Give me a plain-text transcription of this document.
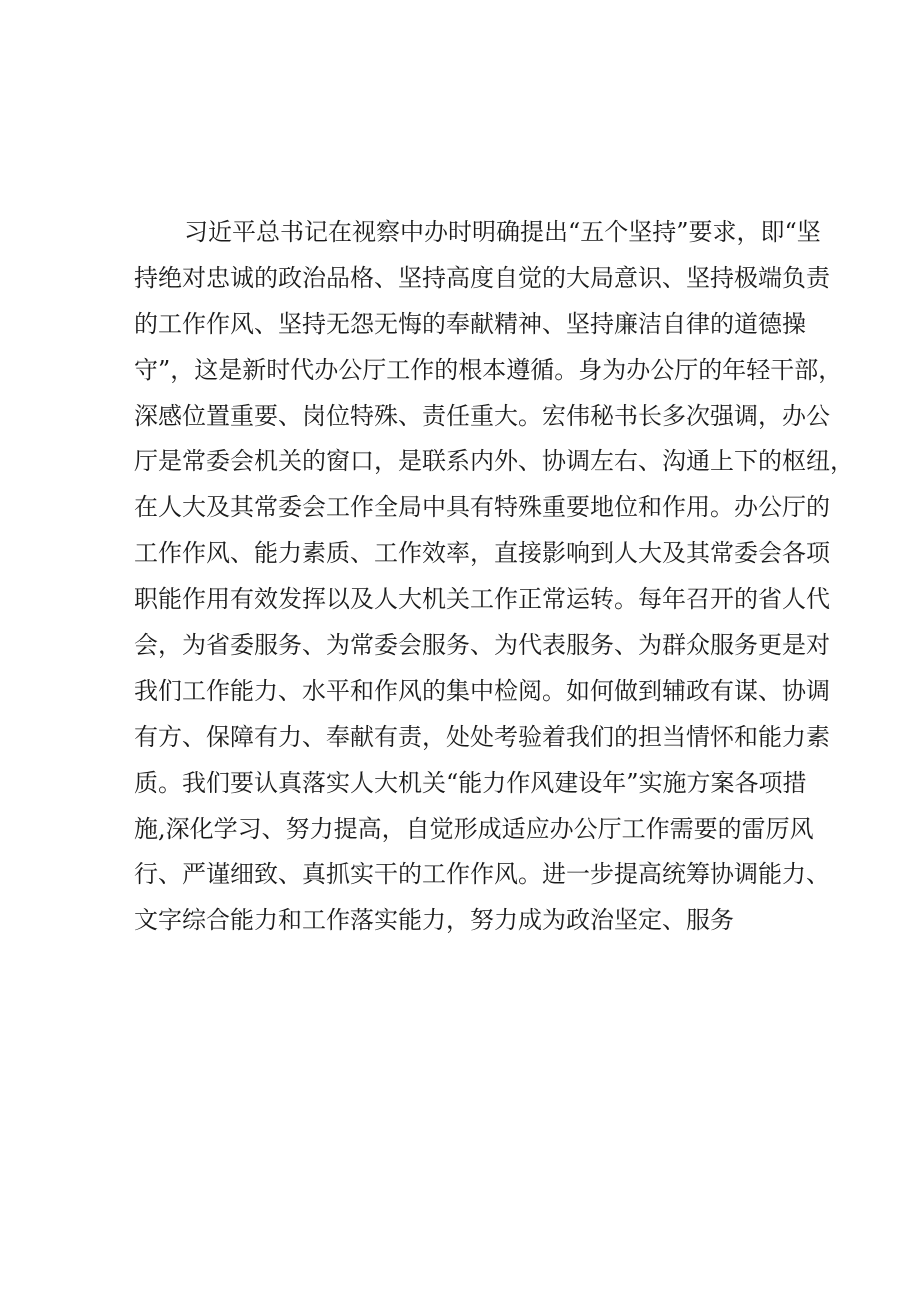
习近平总书记在视察中办时明确提出“五个坚持”要求，即“坚
持绝对忠诚的政治品格、坚持高度自觉的大局意识、坚持极端负责
的工作作风、坚持无怨无悔的奉献精神、坚持廉洁自律的道德操
守”，这是新时代办公厅工作的根本遵循。身为办公厅的年轻干部，
深感位置重要、岗位特殊、责任重大。宏伟秘书长多次强调，办公
厅是常委会机关的窗口，是联系内外、协调左右、沟通上下的枢纽，
在人大及其常委会工作全局中具有特殊重要地位和作用。办公厅的
工作作风、能力素质、工作效率，直接影响到人大及其常委会各项
职能作用有效发挥以及人大机关工作正常运转。每年召开的省人代
会，为省委服务、为常委会服务、为代表服务、为群众服务更是对
我们工作能力、水平和作风的集中检阅。如何做到辅政有谋、协调
有方、保障有力、奉献有责，处处考验着我们的担当情怀和能力素
质。我们要认真落实人大机关“能力作风建设年”实施方案各项措
施,深化学习、努力提高，自觉形成适应办公厅工作需要的雷厉风
行、严谨细致、真抓实干的工作作风。进一步提高统筹协调能力、
文字综合能力和工作落实能力，努力成为政治坚定、服务
